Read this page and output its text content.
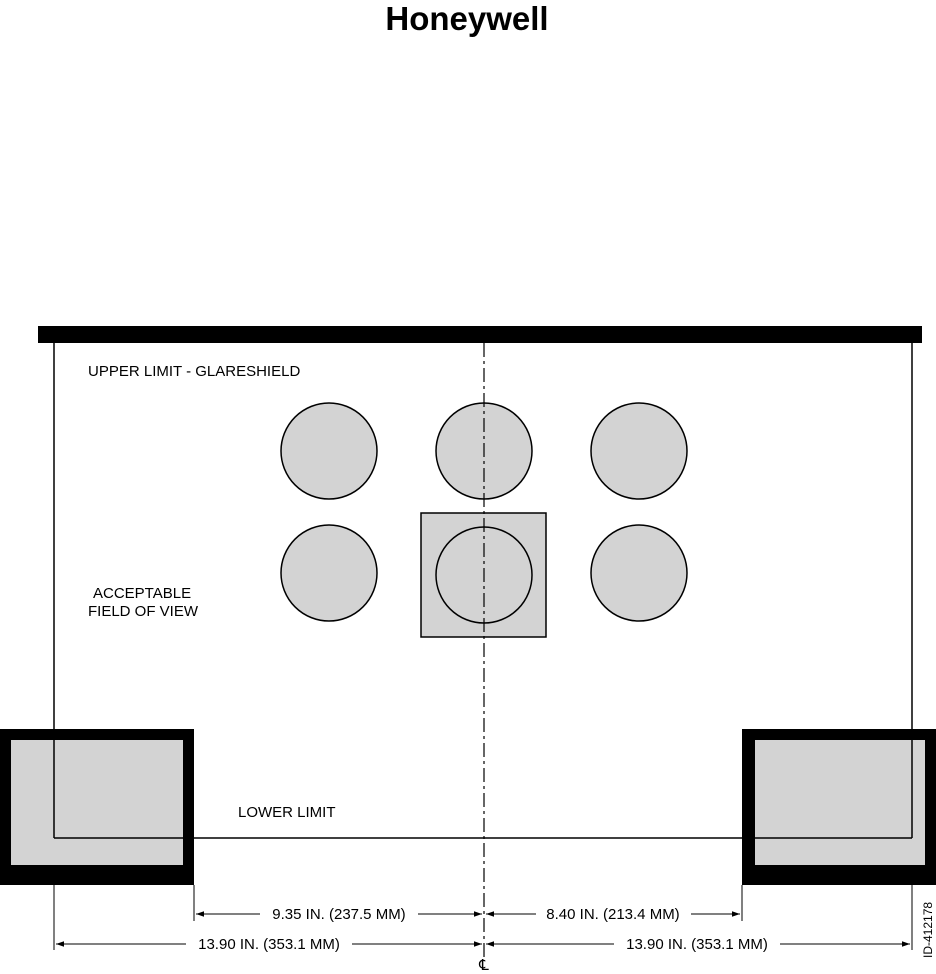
Honeywell
UPPER LIMIT - GLARESHIELD
ACCEPTABLE
FIELD OF VIEW
LOWER LIMIT
9.35 IN. (237.5 MM)	8.40 IN. (213.4 MM)
13.90 IN. (353.1 MM)	13.90 IN. (353.1 MM)
℄
ID-412178
